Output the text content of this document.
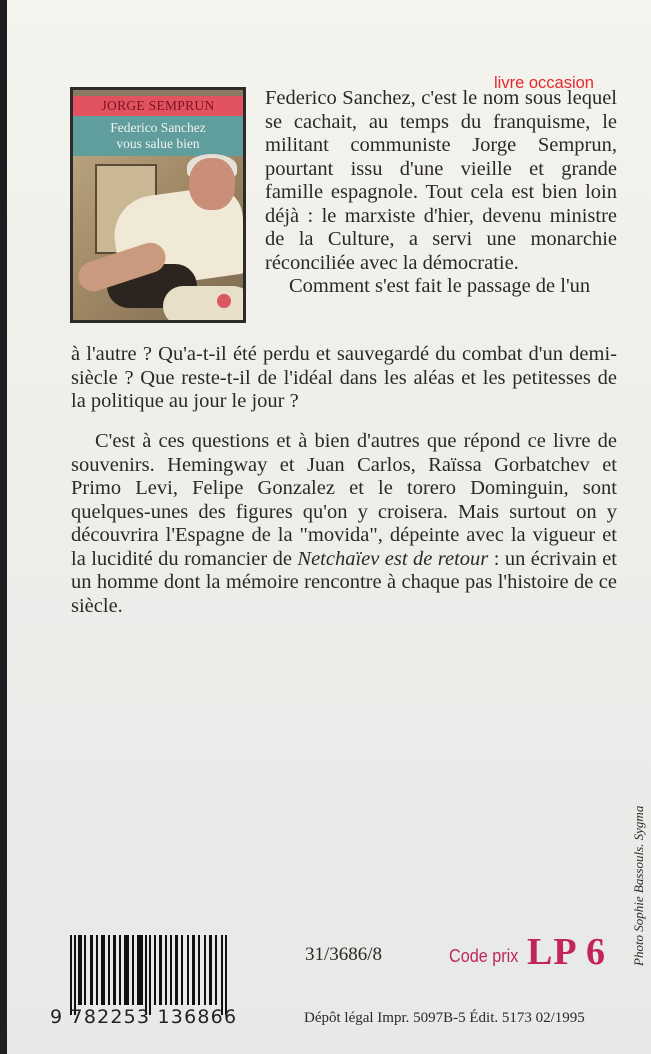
JORGE SEMPRUN
Federico Sanchez
vous salue bien
livre occasion

Federico Sanchez, c'est le nom sous lequel se cachait, au temps du franquisme, le militant communiste Jorge Semprun, pourtant issu d'une vieille et grande famille espagnole. Tout cela est bien loin déjà : le marxiste d'hier, devenu ministre de la Culture, a servi une monarchie réconciliée avec la démocratie.

Comment s'est fait le passage de l'un

à l'autre ? Qu'a-t-il été perdu et sauvegardé du combat d'un demi-siècle ? Que reste-t-il de l'idéal dans les aléas et les petitesses de la politique au jour le jour ?

C'est à ces questions et à bien d'autres que répond ce livre de souvenirs. Hemingway et Juan Carlos, Raïssa Gorbatchev et Primo Levi, Felipe Gonzalez et le torero Dominguin, sont quelques-unes des figures qu'on y croisera. Mais surtout on y découvrira l'Espagne de la "movida", dépeinte avec la vigueur et la lucidité du romancier de Netchaïev est de retour : un écrivain et un homme dont la mémoire rencontre à chaque pas l'histoire de ce siècle.

9 782253 136866
31/3686/8	Code prix LP 6
Dépôt légal Impr. 5097B-5 Édit. 5173 02/1995
Photo Sophie Bassouls. Sygma
